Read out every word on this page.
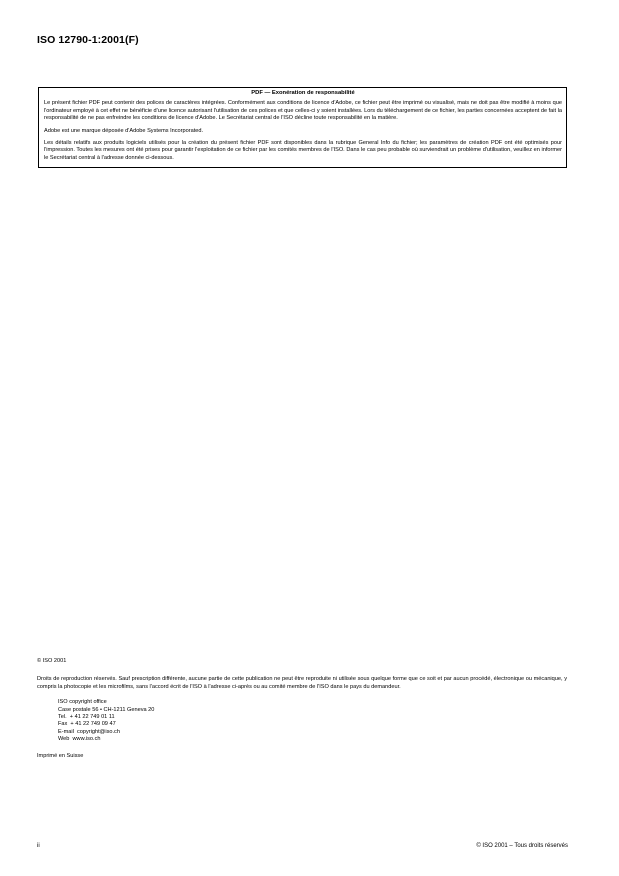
ISO 12790-1:2001(F)
PDF — Exonération de responsabilité

Le présent fichier PDF peut contenir des polices de caractères intégrées. Conformément aux conditions de licence d'Adobe, ce fichier peut être imprimé ou visualisé, mais ne doit pas être modifié à moins que l'ordinateur employé à cet effet ne bénéficie d'une licence autorisant l'utilisation de ces polices et que celles-ci y soient installées. Lors du téléchargement de ce fichier, les parties concernées acceptent de fait la responsabilité de ne pas enfreindre les conditions de licence d'Adobe. Le Secrétariat central de l'ISO décline toute responsabilité en la matière.

Adobe est une marque déposée d'Adobe Systems Incorporated.

Les détails relatifs aux produits logiciels utilisés pour la création du présent fichier PDF sont disponibles dans la rubrique General Info du fichier; les paramètres de création PDF ont été optimisés pour l'impression. Toutes les mesures ont été prises pour garantir l'exploitation de ce fichier par les comités membres de l'ISO. Dans le cas peu probable où surviendrait un problème d'utilisation, veuillez en informer le Secrétariat central à l'adresse donnée ci-dessous.

© ISO 2001

Droits de reproduction réservés. Sauf prescription différente, aucune partie de cette publication ne peut être reproduite ni utilisée sous quelque forme que ce soit et par aucun procédé, électronique ou mécanique, y compris la photocopie et les microfilms, sans l'accord écrit de l'ISO à l'adresse ci-après ou au comité membre de l'ISO dans le pays du demandeur.

ISO copyright office
Case postale 56 • CH-1211 Geneva 20
Tel.  + 41 22 749 01 11
Fax  + 41 22 749 09 47
E-mail  copyright@iso.ch
Web  www.iso.ch

Imprimé en Suisse

ii	© ISO 2001 – Tous droits réservés
